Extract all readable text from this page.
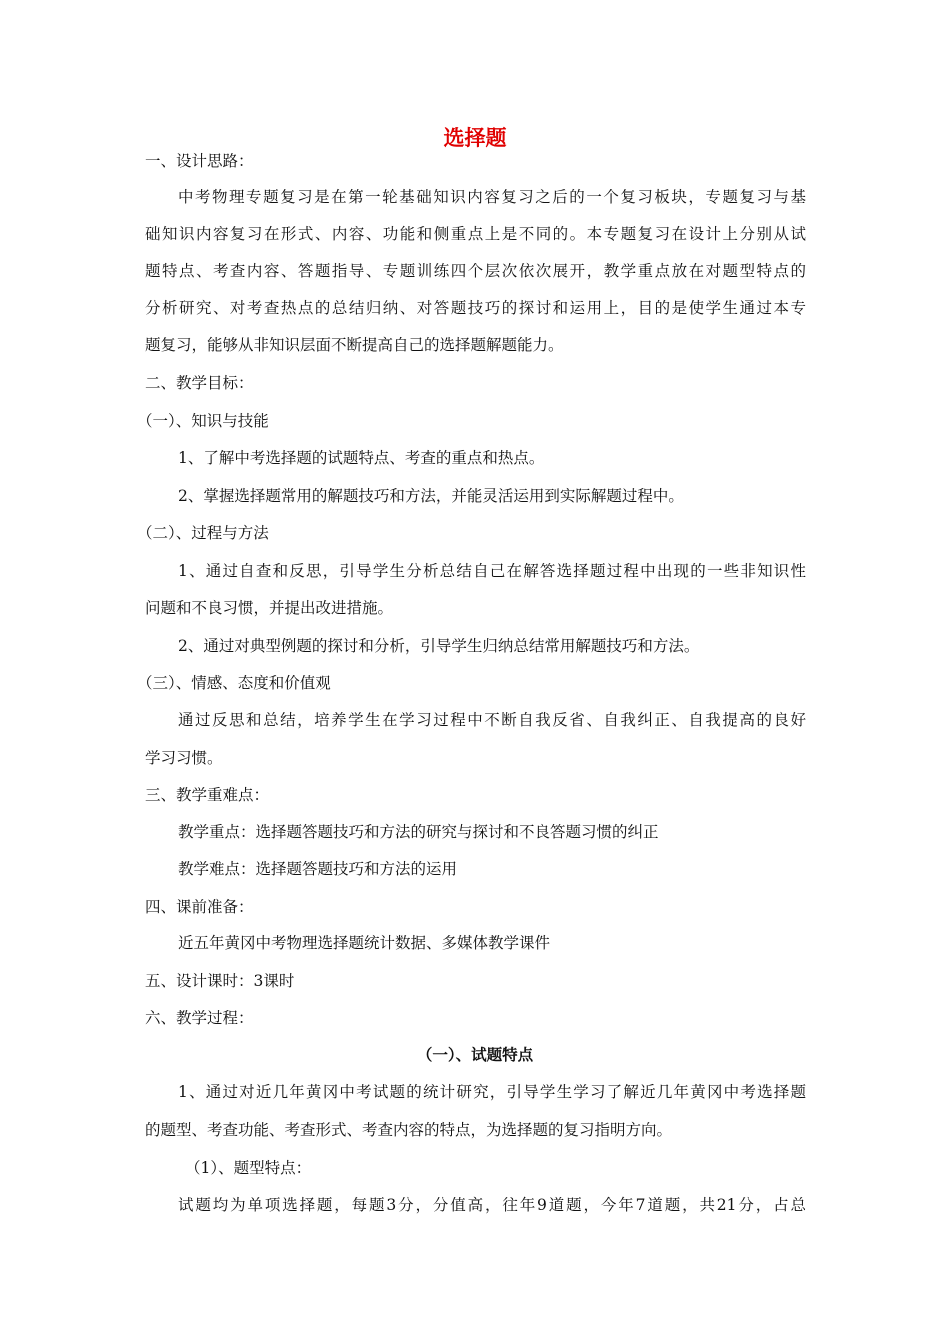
选择题
一、设计思路：
中考物理专题复习是在第一轮基础知识内容复习之后的一个复习板块，专题复习与基
础知识内容复习在形式、内容、功能和侧重点上是不同的。本专题复习在设计上分别从试
题特点、考查内容、答题指导、专题训练四个层次依次展开，教学重点放在对题型特点的
分析研究、对考查热点的总结归纳、对答题技巧的探讨和运用上，目的是使学生通过本专
题复习，能够从非知识层面不断提高自己的选择题解题能力。
二、教学目标：
（一）、知识与技能
1、了解中考选择题的试题特点、考查的重点和热点。
2、掌握选择题常用的解题技巧和方法，并能灵活运用到实际解题过程中。
（二）、过程与方法
1、通过自查和反思，引导学生分析总结自己在解答选择题过程中出现的一些非知识性
问题和不良习惯，并提出改进措施。
2、通过对典型例题的探讨和分析，引导学生归纳总结常用解题技巧和方法。
（三）、情感、态度和价值观
通过反思和总结，培养学生在学习过程中不断自我反省、自我纠正、自我提高的良好
学习习惯。
三、教学重难点：
教学重点：选择题答题技巧和方法的研究与探讨和不良答题习惯的纠正
教学难点：选择题答题技巧和方法的运用
四、课前准备：
近五年黄冈中考物理选择题统计数据、多媒体教学课件
五、设计课时：3课时
六、教学过程：
（一）、试题特点
1、通过对近几年黄冈中考试题的统计研究，引导学生学习了解近几年黄冈中考选择题
的题型、考查功能、考查形式、考查内容的特点，为选择题的复习指明方向。
（1）、题型特点：
试题均为单项选择题，每题3分，分值高，往年9道题，今年7道题，共21分，占总
